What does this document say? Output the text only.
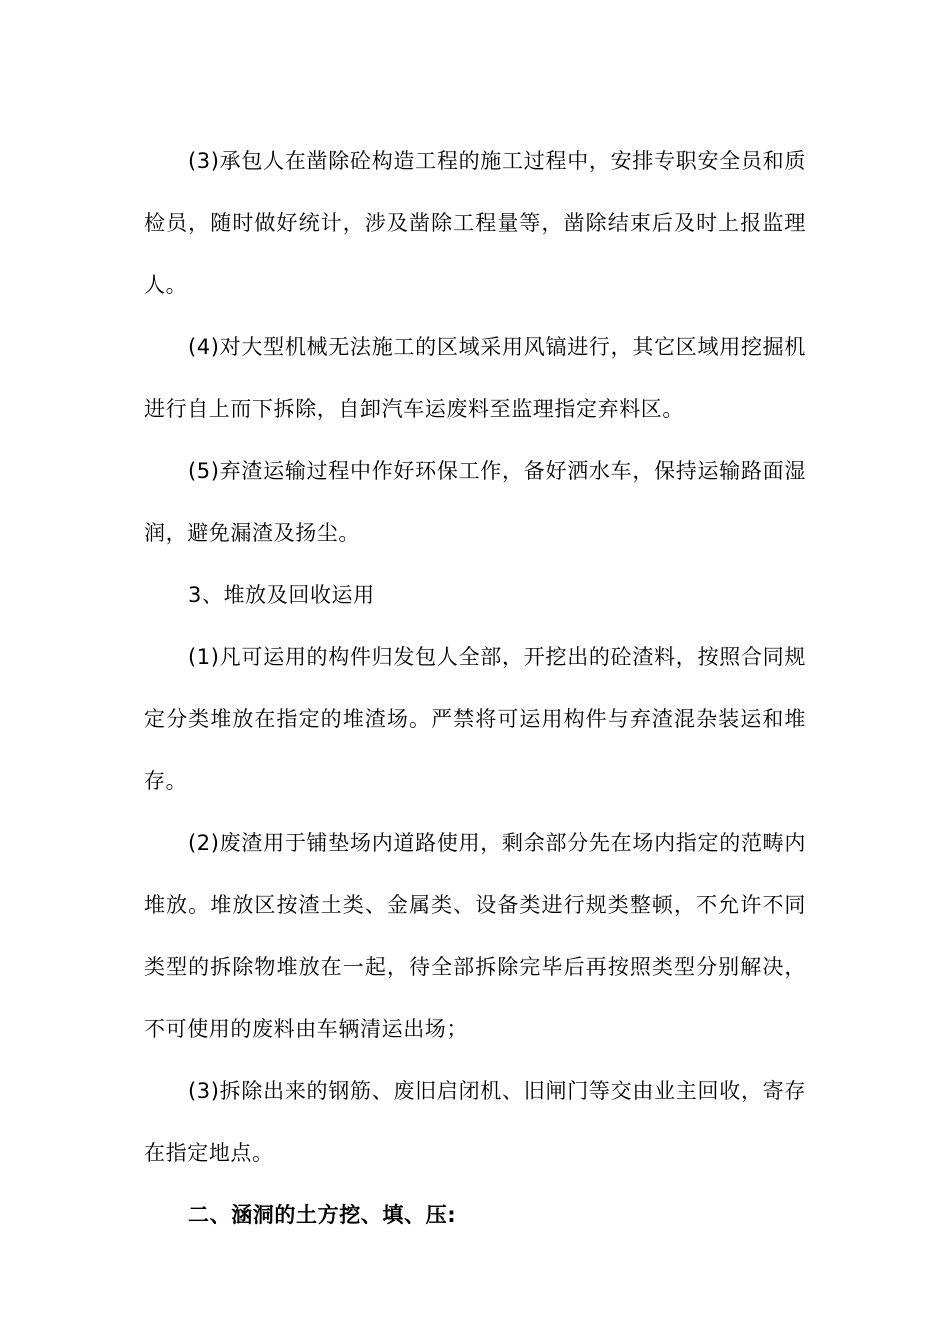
(3)承包人在凿除砼构造工程的施工过程中，安排专职安全员和质检员，随时做好统计，涉及凿除工程量等，凿除结束后及时上报监理人。

(4)对大型机械无法施工的区域采用风镐进行，其它区域用挖掘机进行自上而下拆除，自卸汽车运废料至监理指定弃料区。

(5)弃渣运输过程中作好环保工作，备好洒水车，保持运输路面湿润，避免漏渣及扬尘。

3、堆放及回收运用

(1)凡可运用的构件归发包人全部，开挖出的砼渣料，按照合同规定分类堆放在指定的堆渣场。严禁将可运用构件与弃渣混杂装运和堆存。

(2)废渣用于铺垫场内道路使用，剩余部分先在场内指定的范畴内堆放。堆放区按渣土类、金属类、设备类进行规类整顿，不允许不同类型的拆除物堆放在一起，待全部拆除完毕后再按照类型分别解决，不可使用的废料由车辆清运出场；

(3)拆除出来的钢筋、废旧启闭机、旧闸门等交由业主回收，寄存在指定地点。

二、涵洞的土方挖、填、压:
